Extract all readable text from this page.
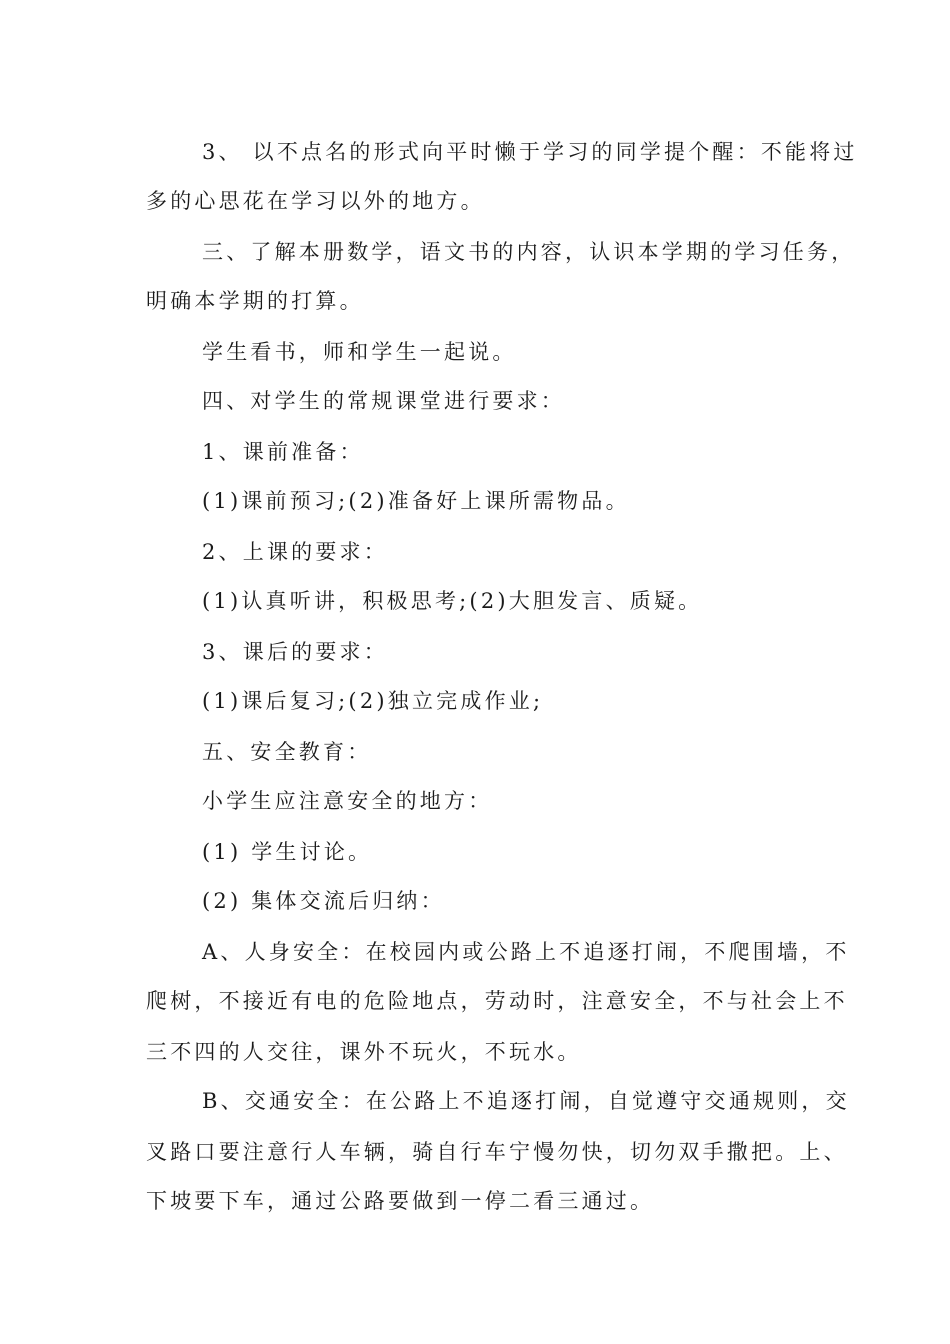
3、 以不点名的形式向平时懒于学习的同学提个醒：不能将过
多的心思花在学习以外的地方。
三、了解本册数学，语文书的内容，认识本学期的学习任务，
明确本学期的打算。
学生看书，师和学生一起说。
四、对学生的常规课堂进行要求：
1、课前准备：
(1)课前预习;(2)准备好上课所需物品。
2、上课的要求：
(1)认真听讲，积极思考;(2)大胆发言、质疑。
3、课后的要求：
(1)课后复习;(2)独立完成作业;
五、安全教育：
小学生应注意安全的地方：
(1) 学生讨论。
(2) 集体交流后归纳：
A、人身安全：在校园内或公路上不追逐打闹，不爬围墙，不
爬树，不接近有电的危险地点，劳动时，注意安全，不与社会上不
三不四的人交往，课外不玩火，不玩水。
B、交通安全：在公路上不追逐打闹，自觉遵守交通规则，交
叉路口要注意行人车辆，骑自行车宁慢勿快，切勿双手撒把。上、
下坡要下车，通过公路要做到一停二看三通过。
